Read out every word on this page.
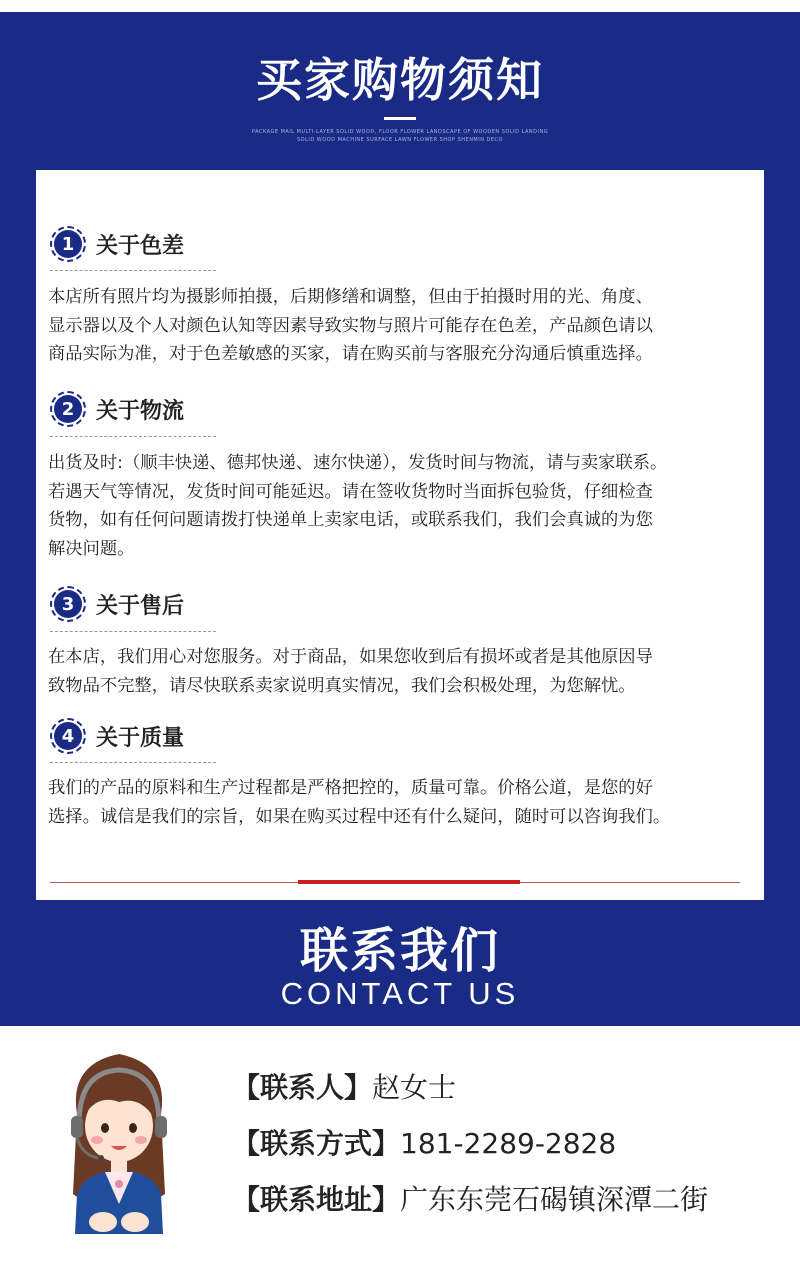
买家购物须知
PACKAGE MAIL MULTI-LAYER SOLID WOOD, FLOOR FLOWER LANDSCAPE OF WOODEN SOLID LANDING SOLID WOOD MACHINE SURFACE LAWN FLOWER SHOP SHENMIN DECO
1 关于色差
本店所有照片均为摄影师拍摄，后期修缮和调整，但由于拍摄时用的光、角度、
显示器以及个人对颜色认知等因素导致实物与照片可能存在色差，产品颜色请以
商品实际为准，对于色差敏感的买家，请在购买前与客服充分沟通后慎重选择。
2 关于物流
出货及时:（顺丰快递、德邦快递、速尔快递），发货时间与物流，请与卖家联系。
若遇天气等情况，发货时间可能延迟。请在签收货物时当面拆包验货，仔细检查
货物，如有任何问题请拨打快递单上卖家电话，或联系我们，我们会真诚的为您
解决问题。
3 关于售后
在本店，我们用心对您服务。对于商品，如果您收到后有损坏或者是其他原因导
致物品不完整，请尽快联系卖家说明真实情况，我们会积极处理，为您解忧。
4 关于质量
我们的产品的原料和生产过程都是严格把控的，质量可靠。价格公道，是您的好
选择。诚信是我们的宗旨，如果在购买过程中还有什么疑问，随时可以咨询我们。
联系我们
CONTACT US
【联系人】赵女士
【联系方式】181-2289-2828
【联系地址】广东东莞石碣镇深潭二街
